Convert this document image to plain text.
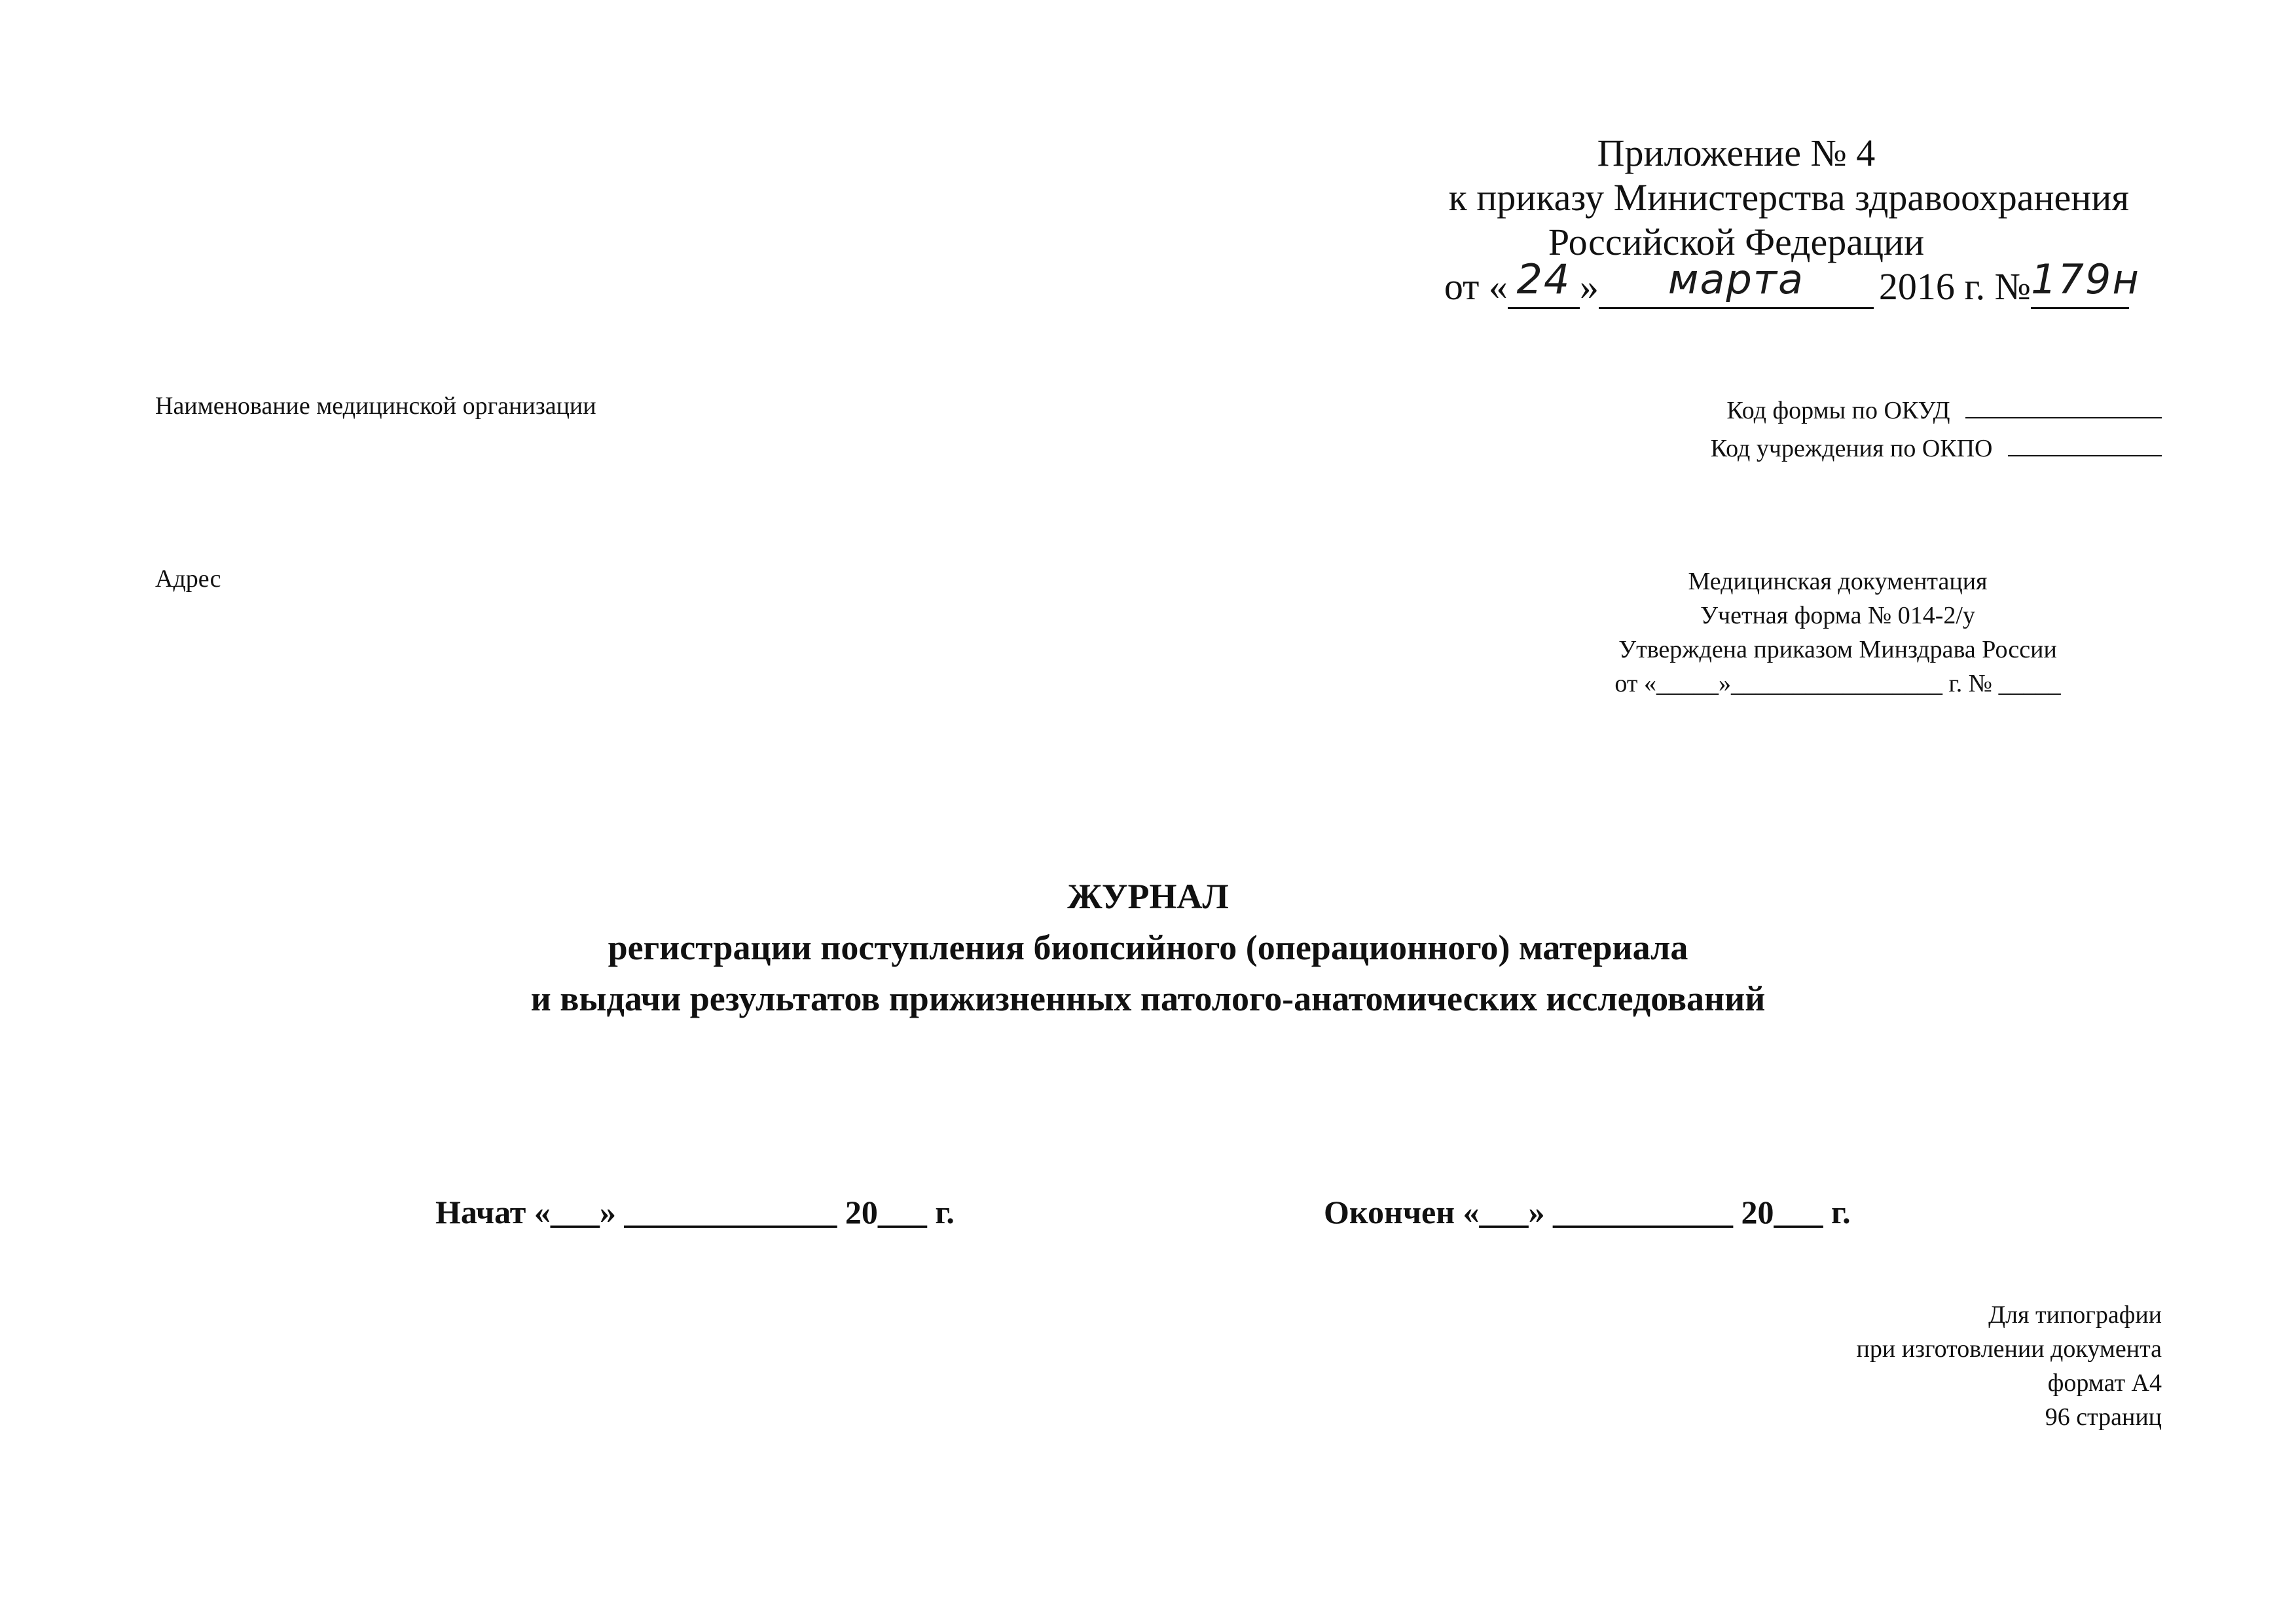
Приложение № 4
к приказу Министерства здравоохранения
Российской Федерации
от « 24 »	марта	2016 г. № 179н
Наименование медицинской организации	Код формы по ОКУД
Код учреждения по ОКПО
Адрес	Медицинская документация
Учетная форма № 014-2/у
Утверждена приказом Минздрава России
от «_____»_________________ г. № _____
ЖУРНАЛ
регистрации поступления биопсийного (операционного) материала
и выдачи результатов прижизненных патолого-анатомических исследований
Начат «___» _____________ 20___ г.	Окончен «___» ___________ 20___ г.
Для типографии
при изготовлении документа
формат А4
96 страниц
